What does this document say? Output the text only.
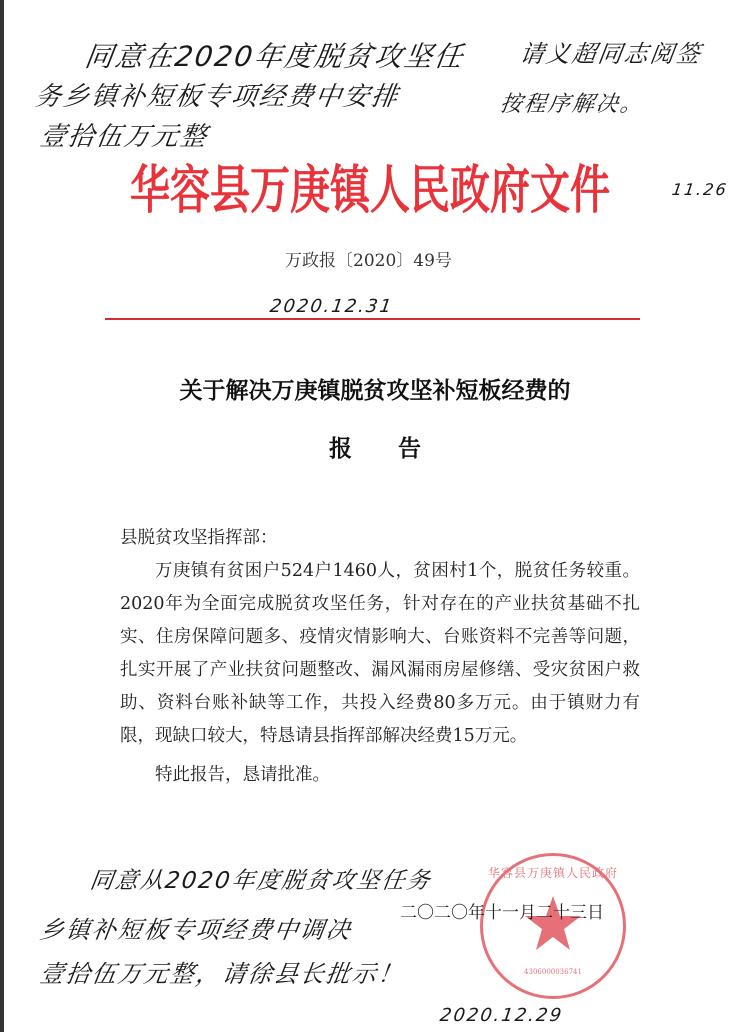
同意在2020年度脱贫攻坚任
务乡镇补短板专项经费中安排
壹拾伍万元整
2020.12.31
请义超同志阅签
按程序解决。
11.26
华容县万庚镇人民政府文件
万政报〔2020〕49号
关于解决万庚镇脱贫攻坚补短板经费的
报　　告

县脱贫攻坚指挥部：

万庚镇有贫困户524户1460人，贫困村1个，脱贫任务较重。2020年为全面完成脱贫攻坚任务，针对存在的产业扶贫基础不扎实、住房保障问题多、疫情灾情影响大、台账资料不完善等问题，扎实开展了产业扶贫问题整改、漏风漏雨房屋修缮、受灾贫困户救助、资料台账补缺等工作，共投入经费80多万元。由于镇财力有限，现缺口较大，特恳请县指挥部解决经费15万元。

特此报告，恳请批准。

华容县万庚镇人民政府
4306000036741
二〇二〇年十一月二十三日
同意从2020年度脱贫攻坚任务
乡镇补短板专项经费中调决
壹拾伍万元整，请徐县长批示！
2020.12.29
